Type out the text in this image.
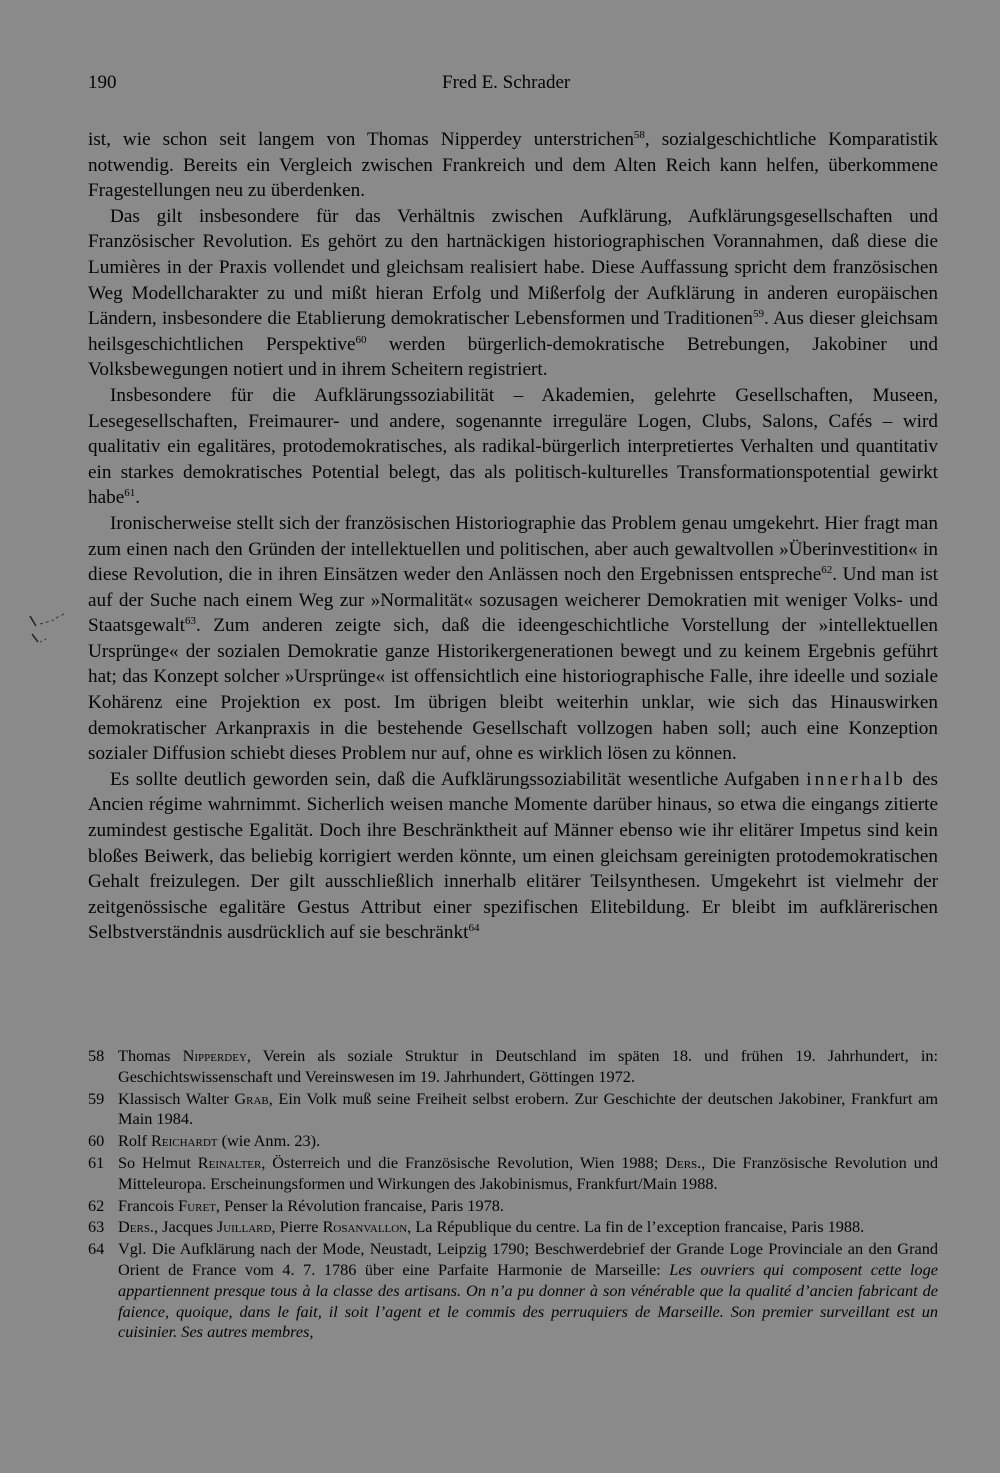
190	Fred E. Schrader

ist, wie schon seit langem von Thomas Nipperdey unterstrichen$^{58}$, sozialgeschichtliche Komparatistik notwendig. Bereits ein Vergleich zwischen Frankreich und dem Alten Reich kann helfen, überkommene Fragestellungen neu zu überdenken.

Das gilt insbesondere für das Verhältnis zwischen Aufklärung, Aufklärungsgesellschaften und Französischer Revolution. Es gehört zu den hartnäckigen historiographischen Vorannahmen, daß diese die Lumières in der Praxis vollendet und gleichsam realisiert habe. Diese Auffassung spricht dem französischen Weg Modellcharakter zu und mißt hieran Erfolg und Mißerfolg der Aufklärung in anderen europäischen Ländern, insbesondere die Etablierung demokratischer Lebensformen und Traditionen$^{59}$. Aus dieser gleichsam heilsgeschichtlichen Perspektive$^{60}$ werden bürgerlich-demokratische Betrebungen, Jakobiner und Volksbewegungen notiert und in ihrem Scheitern registriert.

Insbesondere für die Aufklärungssoziabilität – Akademien, gelehrte Gesellschaften, Museen, Lesegesellschaften, Freimaurer- und andere, sogenannte irreguläre Logen, Clubs, Salons, Cafés – wird qualitativ ein egalitäres, protodemokratisches, als radikal-bürgerlich interpretiertes Verhalten und quantitativ ein starkes demokratisches Potential belegt, das als politisch-kulturelles Transformationspotential gewirkt habe$^{61}$.

Ironischerweise stellt sich der französischen Historiographie das Problem genau umgekehrt. Hier fragt man zum einen nach den Gründen der intellektuellen und politischen, aber auch gewaltvollen »Überinvestition« in diese Revolution, die in ihren Einsätzen weder den Anlässen noch den Ergebnissen entspreche$^{62}$. Und man ist auf der Suche nach einem Weg zur »Normalität« sozusagen weicherer Demokratien mit weniger Volks- und Staatsgewalt$^{63}$. Zum anderen zeigte sich, daß die ideengeschichtliche Vorstellung der »intellektuellen Ursprünge« der sozialen Demokratie ganze Historikergenerationen bewegt und zu keinem Ergebnis geführt hat; das Konzept solcher »Ursprünge« ist offensichtlich eine historiographische Falle, ihre ideelle und soziale Kohärenz eine Projektion ex post. Im übrigen bleibt weiterhin unklar, wie sich das Hinauswirken demokratischer Arkanpraxis in die bestehende Gesellschaft vollzogen haben soll; auch eine Konzeption sozialer Diffusion schiebt dieses Problem nur auf, ohne es wirklich lösen zu können.

Es sollte deutlich geworden sein, daß die Aufklärungssoziabilität wesentliche Aufgaben innerhalb des Ancien régime wahrnimmt. Sicherlich weisen manche Momente darüber hinaus, so etwa die eingangs zitierte zumindest gestische Egalität. Doch ihre Beschränktheit auf Männer ebenso wie ihr elitärer Impetus sind kein bloßes Beiwerk, das beliebig korrigiert werden könnte, um einen gleichsam gereinigten protodemokratischen Gehalt freizulegen. Der gilt ausschließlich innerhalb elitärer Teilsynthesen. Umgekehrt ist vielmehr der zeitgenössische egalitäre Gestus Attribut einer spezifischen Elitebildung. Er bleibt im aufklärerischen Selbstverständnis ausdrücklich auf sie beschränkt$^{64}$

58 Thomas Nipperdey, Verein als soziale Struktur in Deutschland im späten 18. und frühen 19. Jahrhundert, in: Geschichtswissenschaft und Vereinswesen im 19. Jahrhundert, Göttingen 1972.
59 Klassisch Walter Grab, Ein Volk muß seine Freiheit selbst erobern. Zur Geschichte der deutschen Jakobiner, Frankfurt am Main 1984.
60 Rolf Reichardt (wie Anm. 23).
61 So Helmut Reinalter, Österreich und die Französische Revolution, Wien 1988; Ders., Die Französische Revolution und Mitteleuropa. Erscheinungsformen und Wirkungen des Jakobinismus, Frankfurt/Main 1988.
62 Francois Furet, Penser la Révolution francaise, Paris 1978.
63 Ders., Jacques Juillard, Pierre Rosanvallon, La République du centre. La fin de l’exception francaise, Paris 1988.
64 Vgl. Die Aufklärung nach der Mode, Neustadt, Leipzig 1790; Beschwerdebrief der Grande Loge Provinciale an den Grand Orient de France vom 4. 7. 1786 über eine Parfaite Harmonie de Marseille: Les ouvriers qui composent cette loge appartiennent presque tous à la classe des artisans. On n’a pu donner à son vénérable que la qualité d’ancien fabricant de faience, quoique, dans le fait, il soit l’agent et le commis des perruquiers de Marseille. Son premier surveillant est un cuisinier. Ses autres membres,
